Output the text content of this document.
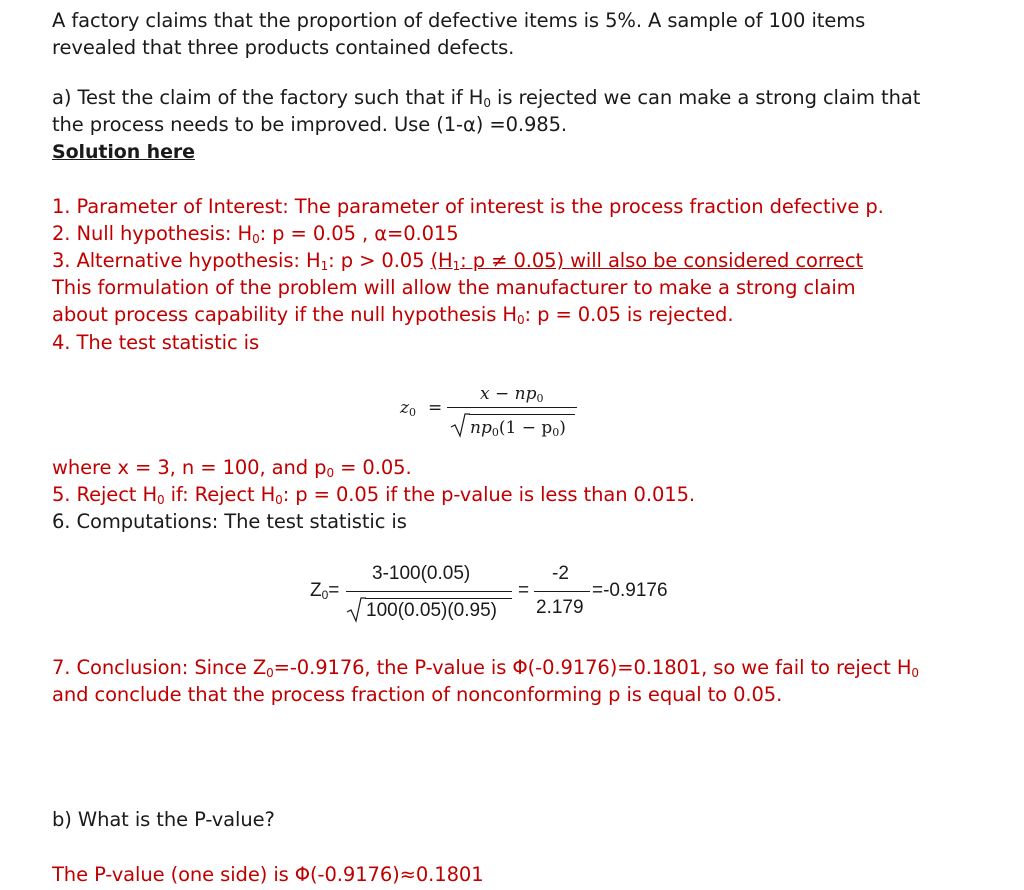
A factory claims that the proportion of defective items is 5%. A sample of 100 items
revealed that three products contained defects.
a) Test the claim of the factory such that if H0 is rejected we can make a strong claim that
the process needs to be improved. Use (1-α) =0.985.
Solution here
1. Parameter of Interest: The parameter of interest is the process fraction defective p.
2. Null hypothesis: H0: p = 0.05 , α=0.015
3. Alternative hypothesis: H1: p > 0.05 (H1: p ≠ 0.05) will also be considered correct
This formulation of the problem will allow the manufacturer to make a strong claim
about process capability if the null hypothesis H0: p = 0.05 is rejected.
4. The test statistic is
z0 =
x − np0
np0(1 − p0)
where x = 3, n = 100, and p0 = 0.05.
5. Reject H0 if: Reject H0: p = 0.05 if the p-value is less than 0.015.
6. Computations: The test statistic is
Z0=
3-100(0.05)
100(0.05)(0.95)
=
-2
2.179
=-0.9176
7. Conclusion: Since Z0=-0.9176, the P-value is Φ(-0.9176)=0.1801, so we fail to reject H0
and conclude that the process fraction of nonconforming p is equal to 0.05.
b) What is the P-value?
The P-value (one side) is Φ(-0.9176)≈0.1801
